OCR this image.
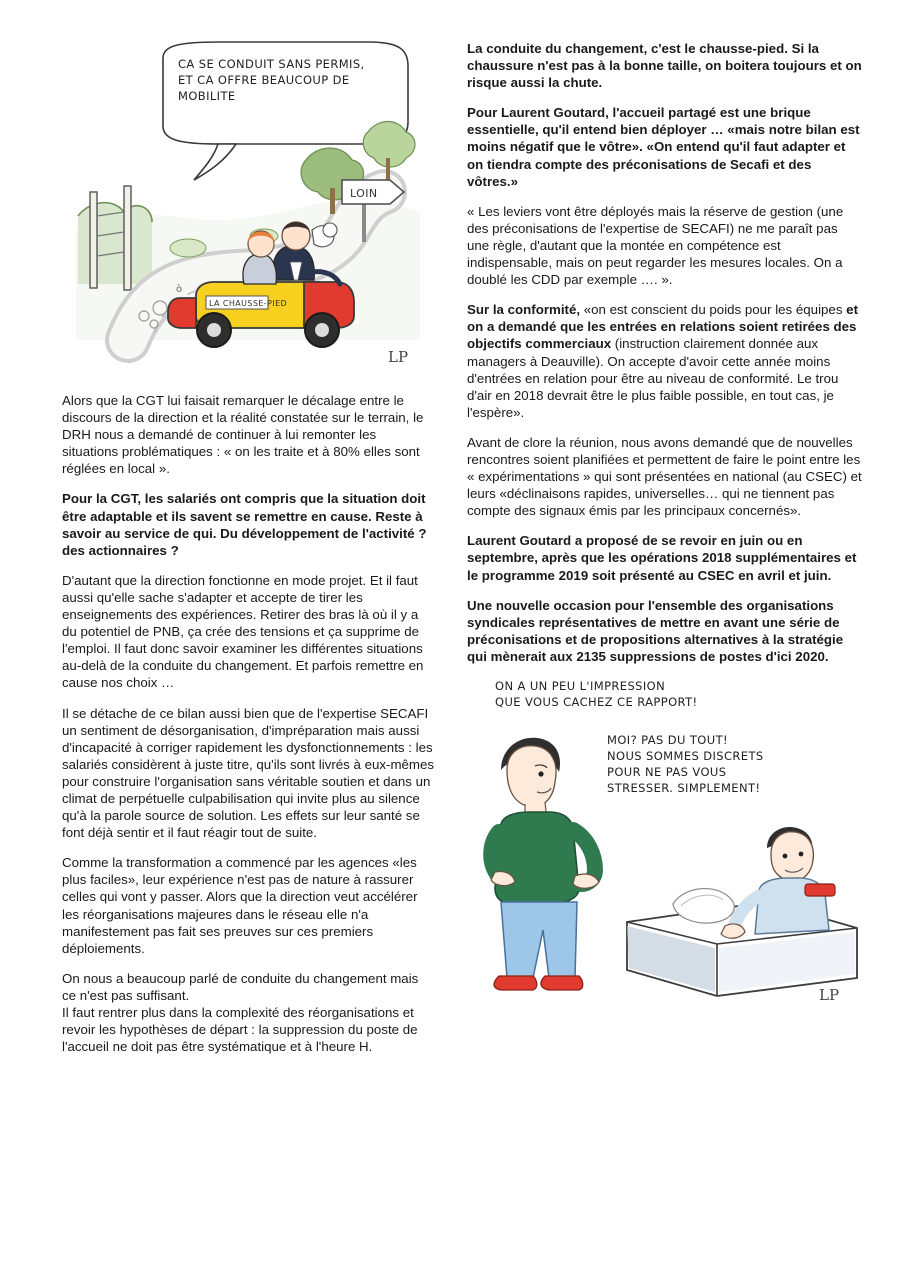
LOIN
LA CHAUSSE-PIED
ò
LP
CA SE CONDUIT SANS PERMIS,
ET CA OFFRE BEAUCOUP DE
MOBILITE

Alors que la CGT lui faisait remarquer le décalage entre le discours de la direction et la réalité constatée sur le terrain, le DRH nous a demandé de continuer à lui remonter les situations problématiques : « on les traite et à 80% elles sont réglées en local ».

Pour la CGT, les salariés ont compris que la situation doit être adaptable et ils savent se remettre en cause. Reste à savoir au service de qui. Du développement de l'activité ? des actionnaires ?

D'autant que la direction fonctionne en mode projet. Et il faut aussi qu'elle sache s'adapter et accepte de tirer les enseignements des expériences. Retirer des bras là où il y a du potentiel de PNB, ça crée des tensions et ça supprime de l'emploi. Il faut donc savoir examiner les différentes situations au-delà de la conduite du changement. Et parfois remettre en cause nos choix …

Il se détache de ce bilan aussi bien que de l'expertise SECAFI un sentiment de désorganisation, d'impréparation mais aussi d'incapacité à corriger rapidement les dysfonctionnements : les salariés considèrent à juste titre, qu'ils sont livrés à eux-mêmes pour construire l'organisation sans véritable soutien et dans un climat de perpétuelle culpabilisation qui invite plus au silence qu'à la parole source de solution. Les effets sur leur santé se font déjà sentir et il faut réagir tout de suite.

Comme la transformation a commencé par les agences «les plus faciles», leur expérience n'est pas de nature à rassurer celles qui vont y passer. Alors que la direction veut accélérer les réorganisations majeures dans le réseau elle n'a manifestement pas fait ses preuves sur ces premiers déploiements.

On nous a beaucoup parlé de conduite du changement mais ce n'est pas suffisant.

Il faut rentrer plus dans la complexité des réorganisations et revoir les hypothèses de départ : la suppression du poste de l'accueil ne doit pas être systématique et à l'heure H.

La conduite du changement, c'est le chausse-pied. Si la chaussure n'est pas à la bonne taille, on boitera toujours et on risque aussi la chute.

Pour Laurent Goutard, l'accueil partagé est une brique essentielle, qu'il entend bien déployer … «mais notre bilan est moins négatif que le vôtre». «On entend qu'il faut adapter et on tiendra compte des préconisations de Secafi et des vôtres.»

« Les leviers vont être déployés mais la réserve de gestion (une des préconisations de l'expertise de SECAFI) ne me paraît pas une règle, d'autant que la montée en compétence est indispensable, mais on peut regarder les mesures locales. On a doublé les CDD par exemple …. ».

Sur la conformité, «on est conscient du poids pour les équipes et on a demandé que les entrées en relations soient retirées des objectifs commerciaux (instruction clairement donnée aux managers à Deauville). On accepte d'avoir cette année moins d'entrées en relation pour être au niveau de conformité. Le trou d'air en 2018 devrait être le plus faible possible, en tout cas, je l'espère».

Avant de clore la réunion, nous avons demandé que de nouvelles rencontres soient planifiées et permettent de faire le point entre les « expérimentations » qui sont présentées en national (au CSEC) et leurs «déclinaisons rapides, universelles… qui ne tiennent pas compte des signaux émis par les principaux concernés».

Laurent Goutard a proposé de se revoir en juin ou en septembre, après que les opérations 2018 supplémentaires et le programme 2019 soit présenté au CSEC en avril et juin.

Une nouvelle occasion pour l'ensemble des organisations syndicales représentatives de mettre en avant une série de préconisations et de propositions alternatives à la stratégie qui mènerait aux 2135 suppressions de postes d'ici 2020.

LP
ON A UN PEU L'IMPRESSION
QUE VOUS CACHEZ CE RAPPORT!
MOI? PAS DU TOUT!
NOUS SOMMES DISCRETS
POUR NE PAS VOUS
STRESSER. SIMPLEMENT!
